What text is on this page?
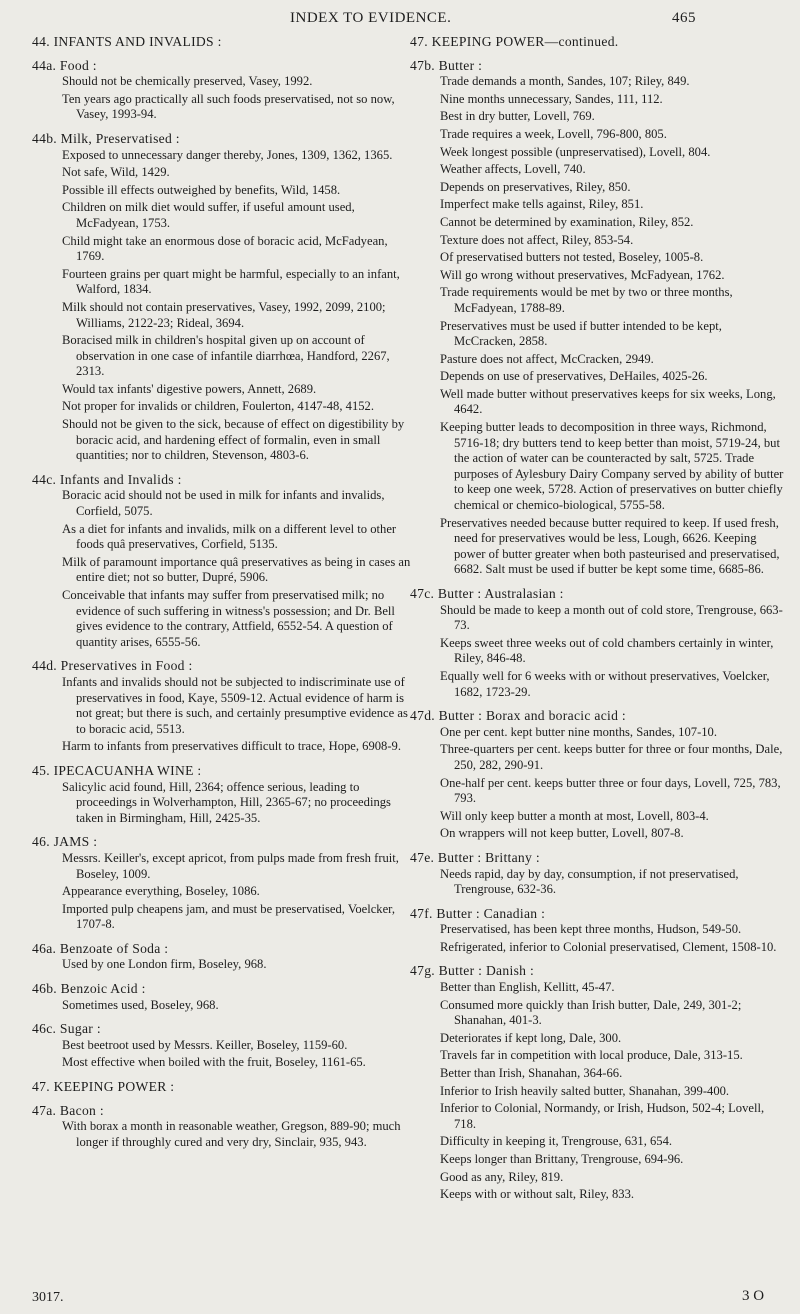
INDEX TO EVIDENCE.	465
44. INFANTS AND INVALIDS :
44a. Food :

Should not be chemically preserved, Vasey, 1992.

Ten years ago practically all such foods preservatised, not so now, Vasey, 1993-94.

44b. Milk, Preservatised :

Exposed to unnecessary danger thereby, Jones, 1309, 1362, 1365.

Not safe, Wild, 1429.

Possible ill effects outweighed by benefits, Wild, 1458.

Children on milk diet would suffer, if useful amount used, McFadyean, 1753.

Child might take an enormous dose of boracic acid, McFadyean, 1769.

Fourteen grains per quart might be harmful, especially to an infant, Walford, 1834.

Milk should not contain preservatives, Vasey, 1992, 2099, 2100; Williams, 2122-23; Rideal, 3694.

Boracised milk in children's hospital given up on account of observation in one case of infantile diarrhœa, Handford, 2267, 2313.

Would tax infants' digestive powers, Annett, 2689.

Not proper for invalids or children, Foulerton, 4147-48, 4152.

Should not be given to the sick, because of effect on digestibility by boracic acid, and hardening effect of formalin, even in small quantities; nor to children, Stevenson, 4803-6.

44c. Infants and Invalids :

Boracic acid should not be used in milk for infants and invalids, Corfield, 5075.

As a diet for infants and invalids, milk on a different level to other foods quâ preservatives, Corfield, 5135.

Milk of paramount importance quâ preservatives as being in cases an entire diet; not so butter, Dupré, 5906.

Conceivable that infants may suffer from preservatised milk; no evidence of such suffering in witness's possession; and Dr. Bell gives evidence to the contrary, Attfield, 6552-54. A question of quantity arises, 6555-56.

44d. Preservatives in Food :

Infants and invalids should not be subjected to indiscriminate use of preservatives in food, Kaye, 5509-12. Actual evidence of harm is not great; but there is such, and certainly presumptive evidence as to boracic acid, 5513.

Harm to infants from preservatives difficult to trace, Hope, 6908-9.

45. IPECACUANHA WINE :

Salicylic acid found, Hill, 2364; offence serious, leading to proceedings in Wolverhampton, Hill, 2365-67; no proceedings taken in Birmingham, Hill, 2425-35.

46. JAMS :

Messrs. Keiller's, except apricot, from pulps made from fresh fruit, Boseley, 1009.

Appearance everything, Boseley, 1086.

Imported pulp cheapens jam, and must be preservatised, Voelcker, 1707-8.

46a. Benzoate of Soda :

Used by one London firm, Boseley, 968.

46b. Benzoic Acid :

Sometimes used, Boseley, 968.

46c. Sugar :

Best beetroot used by Messrs. Keiller, Boseley, 1159-60.

Most effective when boiled with the fruit, Boseley, 1161-65.

47. KEEPING POWER :
47a. Bacon :

With borax a month in reasonable weather, Gregson, 889-90; much longer if throughly cured and very dry, Sinclair, 935, 943.

47. KEEPING POWER—continued.
47b. Butter :

Trade demands a month, Sandes, 107; Riley, 849.

Nine months unnecessary, Sandes, 111, 112.

Best in dry butter, Lovell, 769.

Trade requires a week, Lovell, 796-800, 805.

Week longest possible (unpreservatised), Lovell, 804.

Weather affects, Lovell, 740.

Depends on preservatives, Riley, 850.

Imperfect make tells against, Riley, 851.

Cannot be determined by examination, Riley, 852.

Texture does not affect, Riley, 853-54.

Of preservatised butters not tested, Boseley, 1005-8.

Will go wrong without preservatives, McFadyean, 1762.

Trade requirements would be met by two or three months, McFadyean, 1788-89.

Preservatives must be used if butter intended to be kept, McCracken, 2858.

Pasture does not affect, McCracken, 2949.

Depends on use of preservatives, DeHailes, 4025-26.

Well made butter without preservatives keeps for six weeks, Long, 4642.

Keeping butter leads to decomposition in three ways, Richmond, 5716-18; dry butters tend to keep better than moist, 5719-24, but the action of water can be counteracted by salt, 5725. Trade purposes of Aylesbury Dairy Company served by ability of butter to keep one week, 5728. Action of preservatives on butter chiefly chemical or chemico-biological, 5755-58.

Preservatives needed because butter required to keep. If used fresh, need for preservatives would be less, Lough, 6626. Keeping power of butter greater when both pasteurised and preservatised, 6682. Salt must be used if butter be kept some time, 6685-86.

47c. Butter : Australasian :

Should be made to keep a month out of cold store, Trengrouse, 663-73.

Keeps sweet three weeks out of cold chambers certainly in winter, Riley, 846-48.

Equally well for 6 weeks with or without preservatives, Voelcker, 1682, 1723-29.

47d. Butter : Borax and boracic acid :

One per cent. kept butter nine months, Sandes, 107-10.

Three-quarters per cent. keeps butter for three or four months, Dale, 250, 282, 290-91.

One-half per cent. keeps butter three or four days, Lovell, 725, 783, 793.

Will only keep butter a month at most, Lovell, 803-4.

On wrappers will not keep butter, Lovell, 807-8.

47e. Butter : Brittany :

Needs rapid, day by day, consumption, if not preservatised, Trengrouse, 632-36.

47f. Butter : Canadian :

Preservatised, has been kept three months, Hudson, 549-50.

Refrigerated, inferior to Colonial preservatised, Clement, 1508-10.

47g. Butter : Danish :

Better than English, Kellitt, 45-47.

Consumed more quickly than Irish butter, Dale, 249, 301-2; Shanahan, 401-3.

Deteriorates if kept long, Dale, 300.

Travels far in competition with local produce, Dale, 313-15.

Better than Irish, Shanahan, 364-66.

Inferior to Irish heavily salted butter, Shanahan, 399-400.

Inferior to Colonial, Normandy, or Irish, Hudson, 502-4; Lovell, 718.

Difficulty in keeping it, Trengrouse, 631, 654.

Keeps longer than Brittany, Trengrouse, 694-96.

Good as any, Riley, 819.

Keeps with or without salt, Riley, 833.

3017.	3 O
